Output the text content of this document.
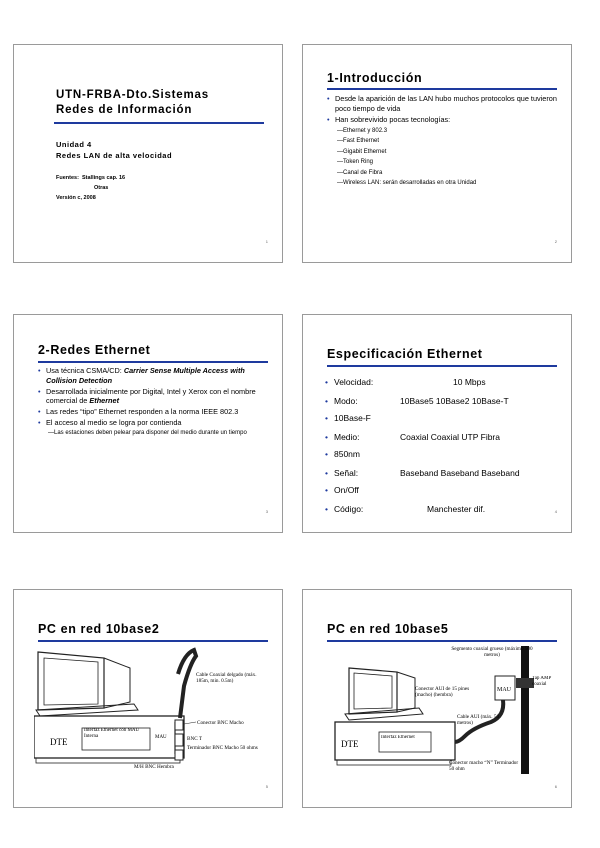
UTN-FRBA-Dto.Sistemas
Redes de Información
Unidad 4
Redes LAN de alta velocidad
Fuentes: Stallings cap. 16
Otras
Versión c, 2008
1
1-Introducción
• Desde la aparición de las LAN hubo muchos protocolos que tuvieron poco tiempo de vida
• Han sobrevivido pocas tecnologías:
—Ethernet y 802.3
—Fast Ethernet
—Gigabit Ethernet
—Token Ring
—Canal de Fibra
—Wireless LAN: serán desarrolladas en otra Unidad
2
2-Redes Ethernet
• Usa técnica CSMA/CD: Carrier Sense Multiple Access with Collision Detection
• Desarrollada inicialmente por Digital, Intel y Xerox con el nombre comercial de Ethernet
• Las redes “tipo” Ethernet responden a la norma IEEE 802.3
• El acceso al medio se logra por contienda
—Las estaciones deben pelear para disponer del medio durante un tiempo
3
Especificación Ethernet
• Velocidad:	10 Mbps
• Modo:	10Base5 10Base2 10Base-T
• 10Base-F
• Medio:	Coaxial Coaxial UTP Fibra
• 850nm
• Señal:	Baseband Baseband Baseband
• On/Off
• Código:	Manchester dif.	4
PC en red 10base2
DTE
Interfaz Ethernet con MAU Interna	MAU
Cable Coaxial delgado (máx. 185m, min. 0.5m)
Conector BNC Macho
BNC T
Terminador BNC Macho 50 ohms
M/H BNC Hembra
5
PC en red 10base5
DTE
Interfaz Ethernet
MAU
Segmento coaxial grueso (máximo 500 metros)
Tap AMP coaxial
Conector AUI de 15 pines (macho) (hembra)
Cable AUI (máx. 50 metros)
Conector macho “N” Terminador 50 ohm
6
